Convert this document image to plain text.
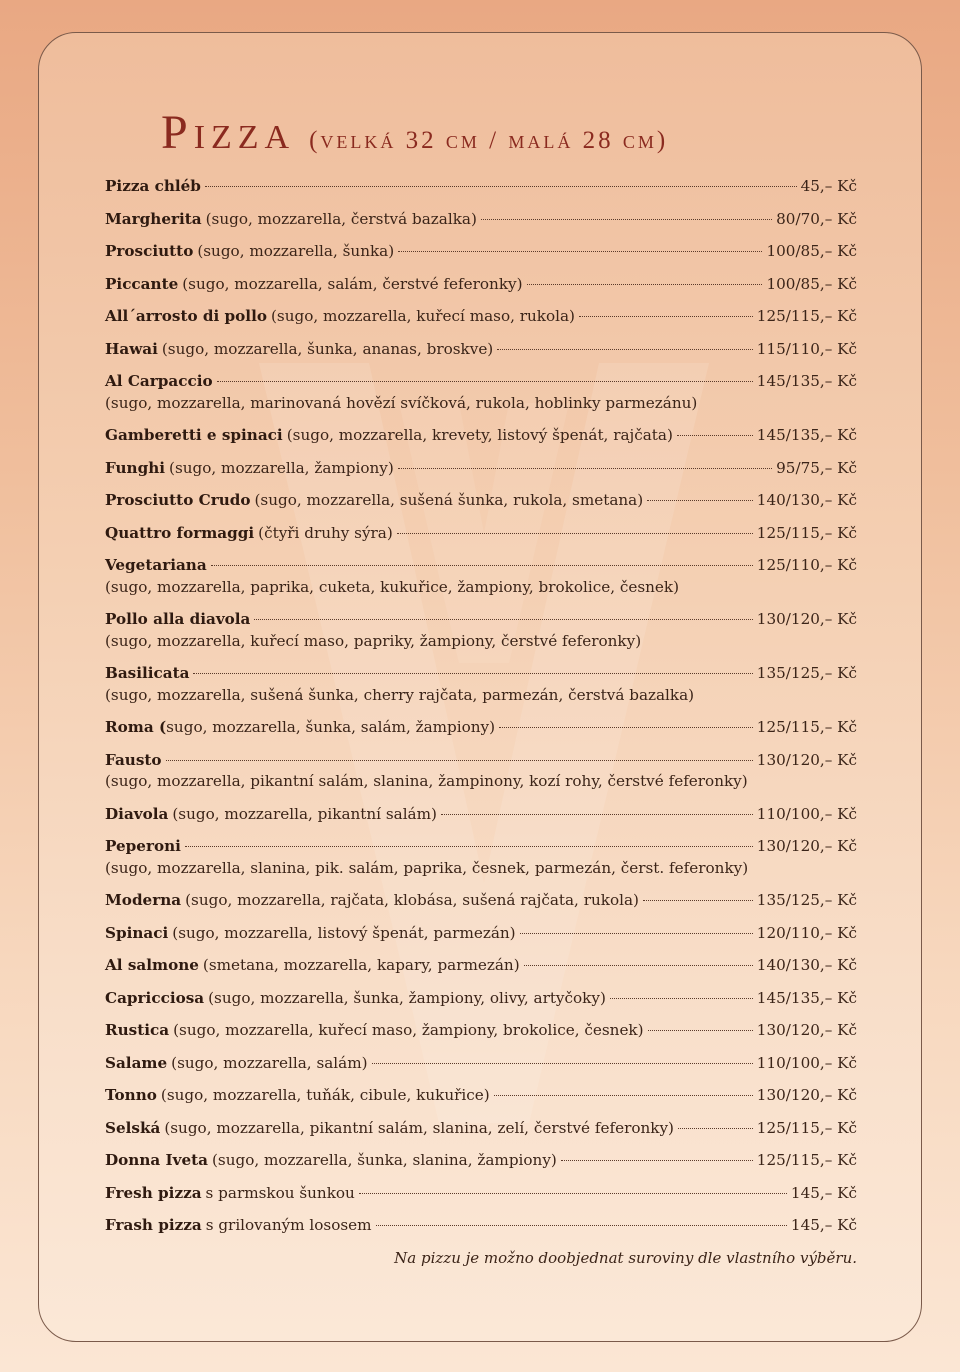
Pizza (velká 32 cm / malá 28 cm)
Pizza chléb	45,– Kč
Margherita (sugo, mozzarella, čerstvá bazalka)	80/70,– Kč
Prosciutto (sugo, mozzarella, šunka)	100/85,– Kč
Piccante (sugo, mozzarella, salám, čerstvé feferonky)	100/85,– Kč
All´arrosto di pollo (sugo, mozzarella, kuřecí maso, rukola)	125/115,– Kč
Hawai (sugo, mozzarella, šunka, ananas, broskve)	115/110,– Kč
Al Carpaccio	145/135,– Kč
(sugo, mozzarella, marinovaná hovězí svíčková, rukola, hoblinky parmezánu)
Gamberetti e spinaci (sugo, mozzarella, krevety, listový špenát, rajčata)	145/135,– Kč
Funghi (sugo, mozzarella, žampiony)	95/75,– Kč
Prosciutto Crudo (sugo, mozzarella, sušená šunka, rukola, smetana)	140/130,– Kč
Quattro formaggi (čtyři druhy sýra)	125/115,– Kč
Vegetariana	125/110,– Kč
(sugo, mozzarella, paprika, cuketa, kukuřice, žampiony, brokolice, česnek)
Pollo alla diavola	130/120,– Kč
(sugo, mozzarella, kuřecí maso, papriky, žampiony, čerstvé feferonky)
Basilicata	135/125,– Kč
(sugo, mozzarella, sušená šunka, cherry rajčata, parmezán, čerstvá bazalka)
Roma ( sugo, mozzarella, šunka, salám, žampiony)	125/115,– Kč
Fausto	130/120,– Kč
(sugo, mozzarella, pikantní salám, slanina, žampinony, kozí rohy, čerstvé feferonky)
Diavola (sugo, mozzarella, pikantní salám)	110/100,– Kč
Peperoni	130/120,– Kč
(sugo, mozzarella, slanina, pik. salám, paprika, česnek, parmezán, čerst. feferonky)
Moderna (sugo, mozzarella, rajčata, klobása, sušená rajčata, rukola)	135/125,– Kč
Spinaci (sugo, mozzarella, listový špenát, parmezán)	120/110,– Kč
Al salmone (smetana, mozzarella, kapary, parmezán)	140/130,– Kč
Capricciosa (sugo, mozzarella, šunka, žampiony, olivy, artyčoky)	145/135,– Kč
Rustica (sugo, mozzarella, kuřecí maso, žampiony, brokolice, česnek)	130/120,– Kč
Salame (sugo, mozzarella, salám)	110/100,– Kč
Tonno (sugo, mozzarella, tuňák, cibule, kukuřice)	130/120,– Kč
Selská (sugo, mozzarella, pikantní salám, slanina, zelí, čerstvé feferonky)	125/115,– Kč
Donna Iveta (sugo, mozzarella, šunka, slanina, žampiony)	125/115,– Kč
Fresh pizza s parmskou šunkou	145,– Kč
Frash pizza s grilovaným lososem	145,– Kč
Na pizzu je možno doobjednat suroviny dle vlastního výběru.
